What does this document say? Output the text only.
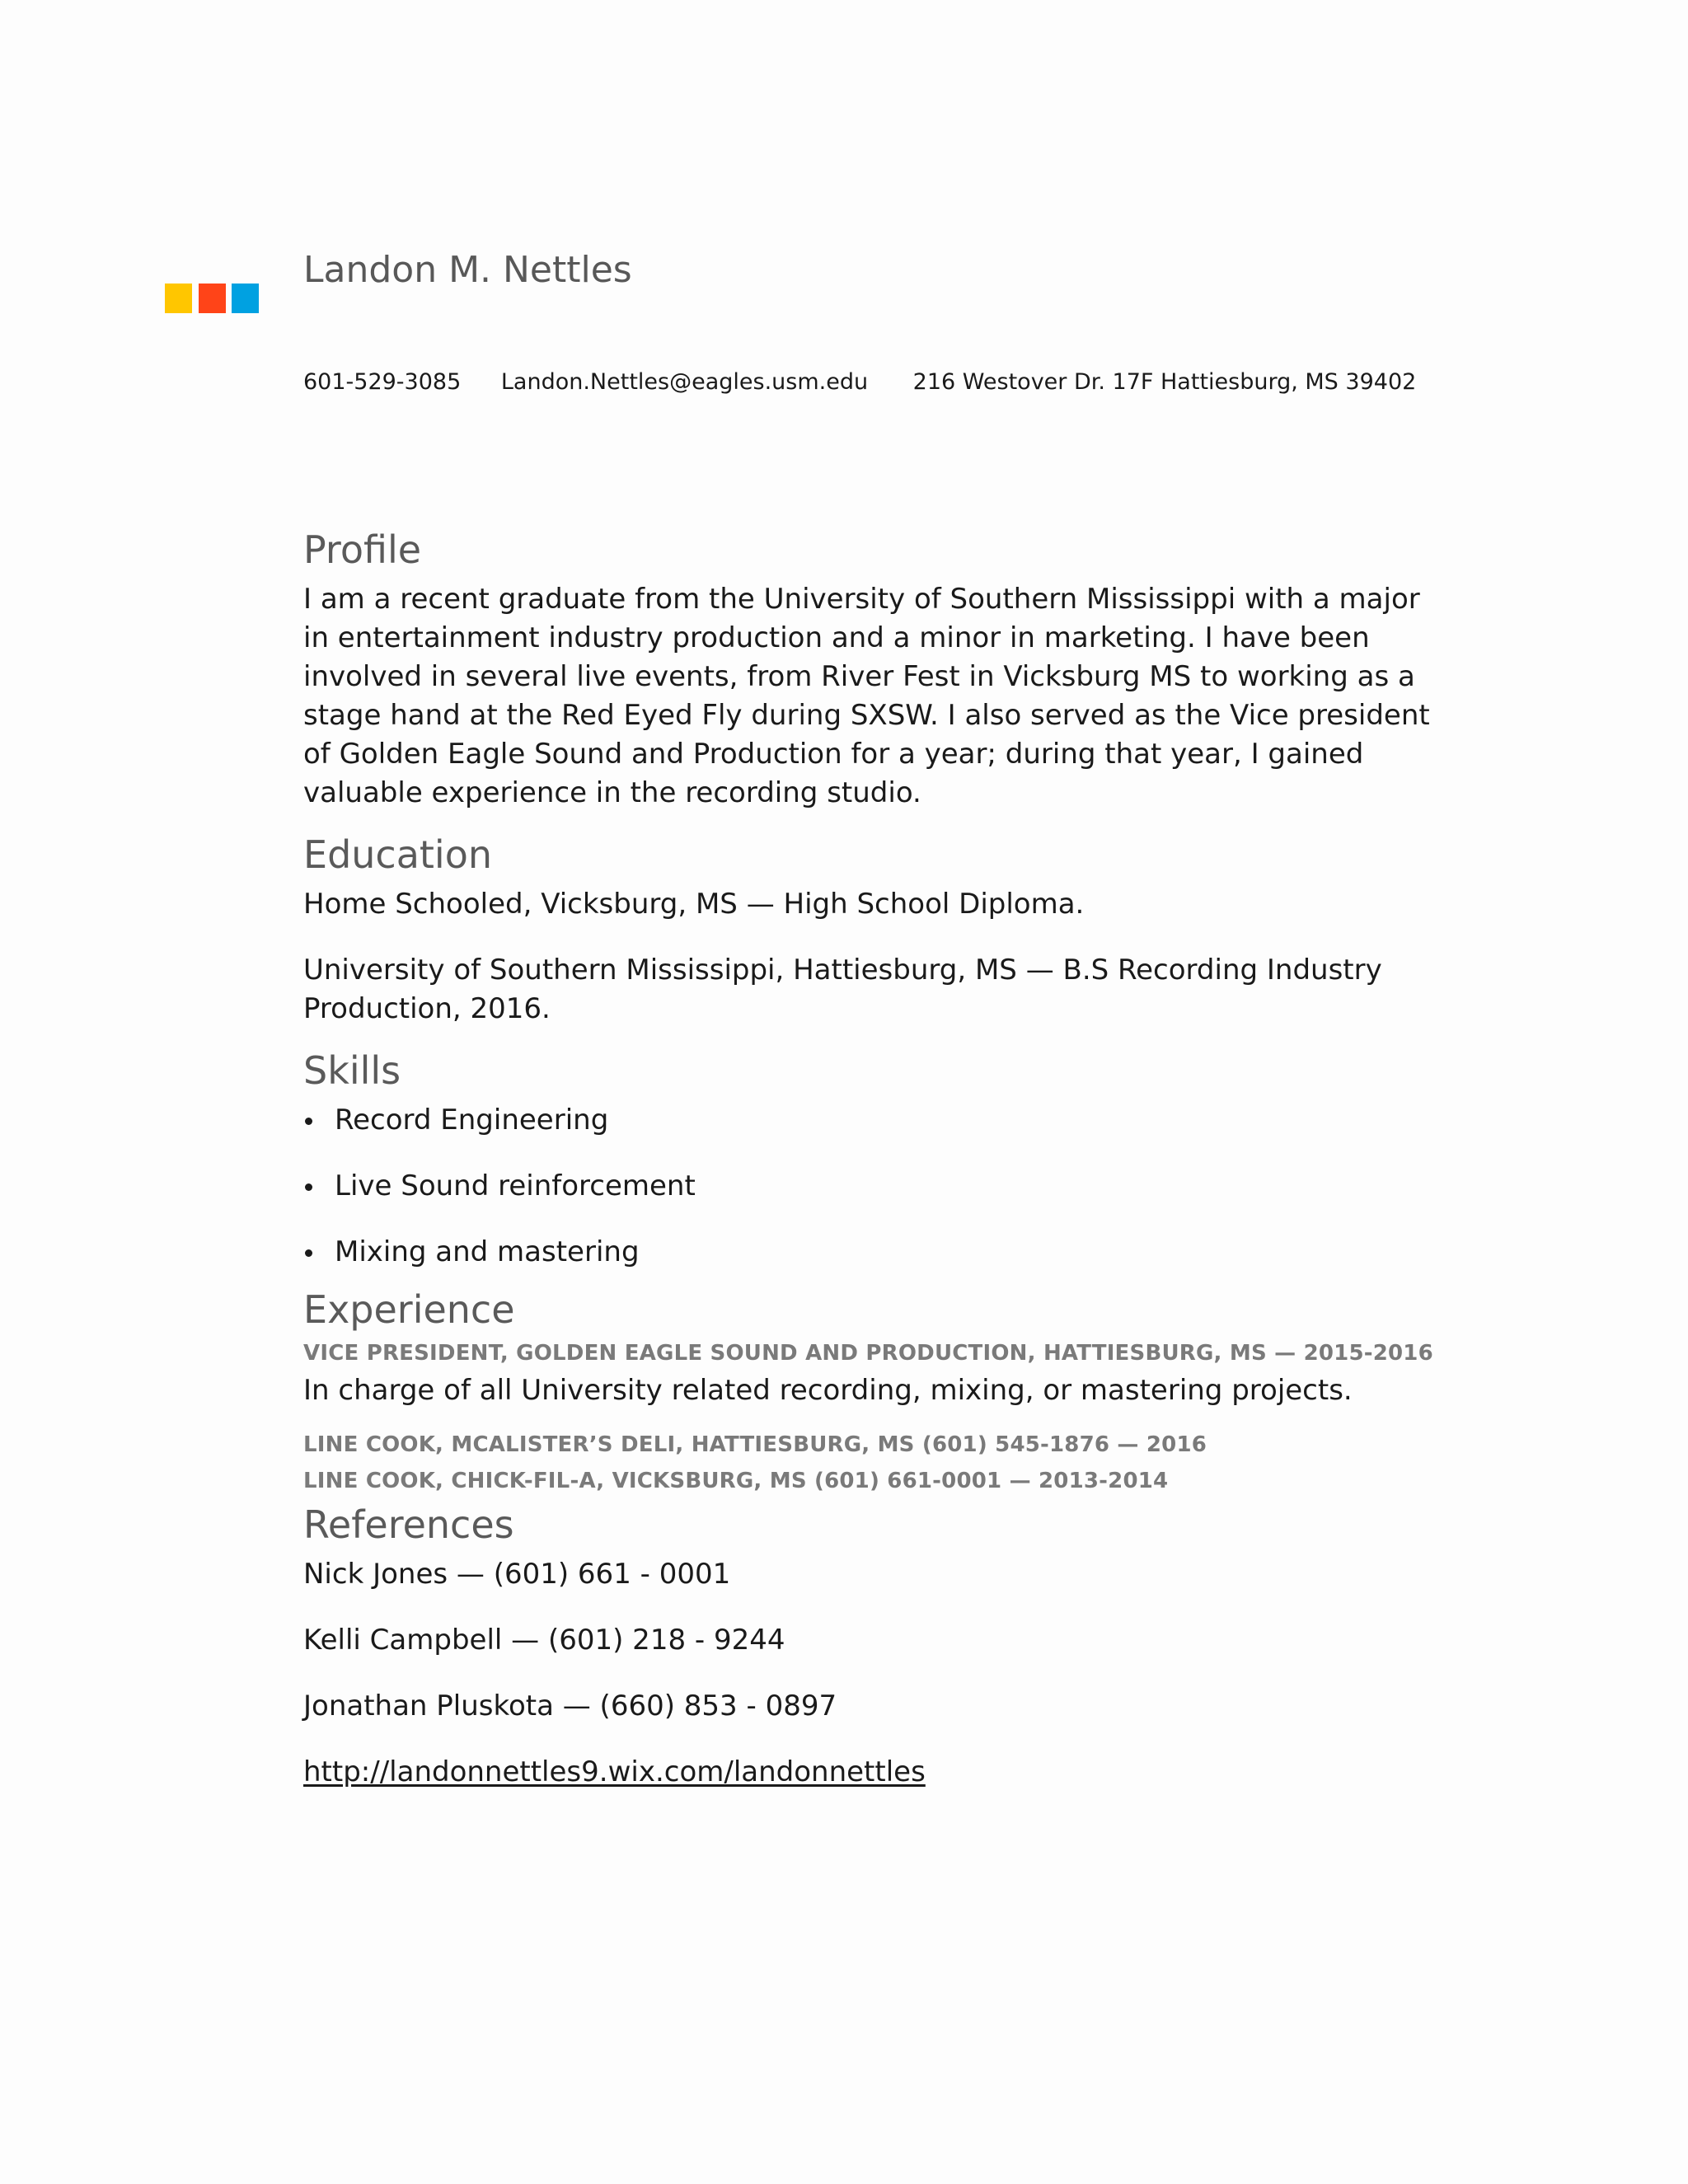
Landon M. Nettles
601-529-3085 Landon.Nettles@eagles.usm.edu 216 Westover Dr. 17F Hattiesburg, MS 39402
Profile

I am a recent graduate from the University of Southern Mississippi with a major in entertainment industry production and a minor in marketing. I have been involved in several live events, from River Fest in Vicksburg MS to working as a stage hand at the Red Eyed Fly during SXSW. I also served as the Vice president of Golden Eagle Sound and Production for a year; during that year, I gained valuable experience in the recording studio.

Education

Home Schooled, Vicksburg, MS — High School Diploma.

University of Southern Mississippi, Hattiesburg, MS — B.S Recording Industry Production, 2016.

Skills
Record Engineering
Live Sound reinforcement
Mixing and mastering
Experience
VICE PRESIDENT, GOLDEN EAGLE SOUND AND PRODUCTION, HATTIESBURG, MS — 2015-2016

In charge of all University related recording, mixing, or mastering projects.

LINE COOK, MCALISTER’S DELI, HATTIESBURG, MS (601) 545-1876 — 2016
LINE COOK, CHICK-FIL-A, VICKSBURG, MS (601) 661-0001 — 2013-2014
References

Nick Jones — (601) 661 - 0001

Kelli Campbell — (601) 218 - 9244

Jonathan Pluskota — (660) 853 - 0897

http://landonnettles9.wix.com/landonnettles
